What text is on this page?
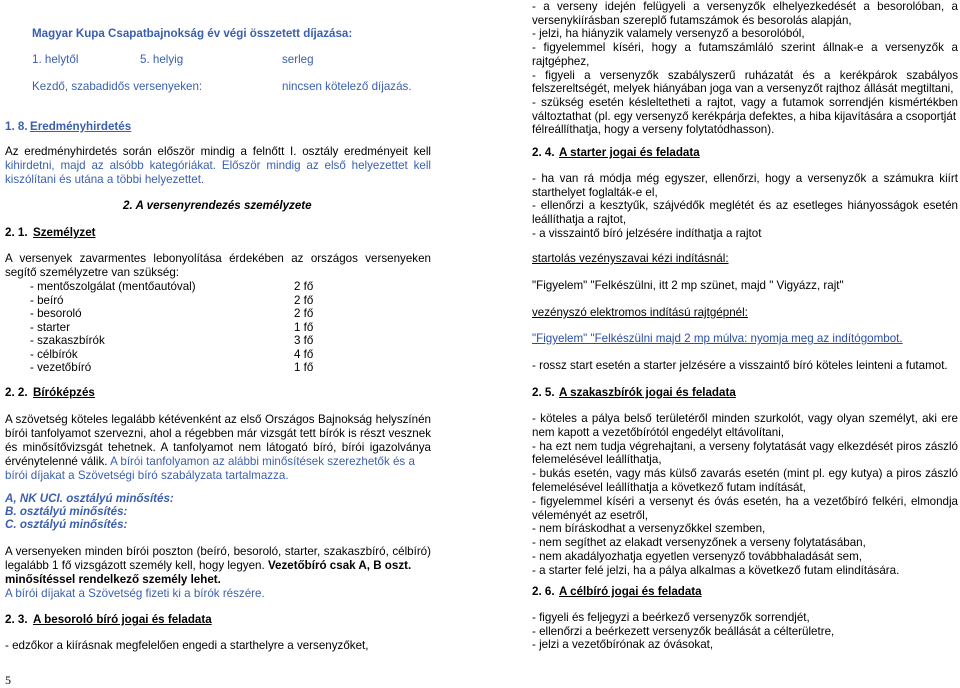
Magyar Kupa Csapatbajnokság év végi összetett díjazása:
1. helytől	5. helyig	serleg
Kezdő, szabadidős versenyeken:	nincsen kötelező díjazás.
1. 8. Eredményhirdetés
Az eredményhirdetés során először mindig a felnőtt I. osztály eredményeit kell
kihirdetni, majd az alsóbb kategóriákat. Először mindig az első helyezettet kell
kiszólítani és utána a többi helyezettet.
2. A versenyrendezés személyzete
2. 1. Személyzet
A versenyek zavarmentes lebonyolítása érdekében az országos versenyeken
segítő személyzetre van szükség:
- mentőszolgálat (mentőautóval)	2 fő
- beíró	2 fő
- besoroló	2 fő
- starter	1 fő
- szakaszbírók	3 fő
- célbírók	4 fő
- vezetőbíró	1 fő
2. 2. Bíróképzés
A szövetség köteles legalább kétévenként az első Országos Bajnokság helyszínén
bírói tanfolyamot szervezni, ahol a régebben már vizsgát tett bírók is részt vesznek
és minősítővizsgát tehetnek. A tanfolyamot nem látogató bíró, bírói igazolványa
érvénytelenné válik. A bírói tanfolyamon az alábbi minősítések szerezhetők és a
bírói díjakat a Szövetségi bíró szabályzata tartalmazza.
A, NK UCI. osztályú minősítés:
B. osztályú minősítés:
C. osztályú minősítés:
A versenyeken minden bírói poszton (beíró, besoroló, starter, szakaszbíró, célbíró)
legalább 1 fő vizsgázott személy kell, hogy legyen. Vezetőbíró csak A, B oszt.
minősítéssel rendelkező személy lehet.
A bírói díjakat a Szövetség fizeti ki a bírók részére.
2. 3. A besoroló bíró jogai és feladata
- edzőkor a kiírásnak megfelelően engedi a starthelyre a versenyzőket,
5
- a verseny idején felügyeli a versenyzők elhelyezkedését a besorolóban, a
versenykiírásban szereplő futamszámok és besorolás alapján,
- jelzi, ha hiányzik valamely versenyző a besorolóból,
- figyelemmel kíséri, hogy a futamszámláló szerint állnak-e a versenyzők a
rajtgéphez,
- figyeli a versenyzők szabályszerű ruházatát és a kerékpárok szabályos
felszereltségét, melyek hiányában joga van a versenyzőt rajthoz állását megtiltani,
- szükség esetén késleltetheti a rajtot, vagy a futamok sorrendjén kismértékben
változtathat (pl. egy versenyző kerékpárja defektes, a hiba kijavítására a csoportját
félreállíthatja, hogy a verseny folytatódhasson).
2. 4. A starter jogai és feladata
- ha van rá módja még egyszer, ellenőrzi, hogy a versenyzők a számukra kiírt
starthelyet foglalták-e el,
- ellenőrzi a kesztyűk, szájvédők meglétét és az esetleges hiányosságok esetén
leállíthatja a rajtot,
- a visszaintő bíró jelzésére indíthatja a rajtot
startolás vezényszavai kézi indításnál:
"Figyelem" "Felkészülni, itt 2 mp szünet, majd " Vigyázz, rajt"
vezényszó elektromos indítású rajtgépnél:
"Figyelem" "Felkészülni majd 2 mp múlva: nyomja meg az indítógombot.
- rossz start esetén a starter jelzésére a visszaintő bíró köteles leinteni a futamot.
2. 5. A szakaszbírók jogai és feladata
- köteles a pálya belső területéről minden szurkolót, vagy olyan személyt, aki ere
nem kapott a vezetőbírótól engedélyt eltávolítani,
- ha ezt nem tudja végrehajtani, a verseny folytatását vagy elkezdését piros zászló
felemelésével leállíthatja,
- bukás esetén, vagy más külső zavarás esetén (mint pl. egy kutya) a piros zászló
felemelésével leállíthatja a következő futam indítását,
- figyelemmel kíséri a versenyt és óvás esetén, ha a vezetőbíró felkéri, elmondja
véleményét az esetről,
- nem bíráskodhat a versenyzőkkel szemben,
- nem segíthet az elakadt versenyzőnek a verseny folytatásában,
- nem akadályozhatja egyetlen versenyző továbbhaladását sem,
- a starter felé jelzi, ha a pálya alkalmas a következő futam elindítására.
2. 6. A célbíró jogai és feladata
- figyeli és feljegyzi a beérkező versenyzők sorrendjét,
- ellenőrzi a beérkezett versenyzők beállását a célterületre,
- jelzi a vezetőbírónak az óvásokat,
